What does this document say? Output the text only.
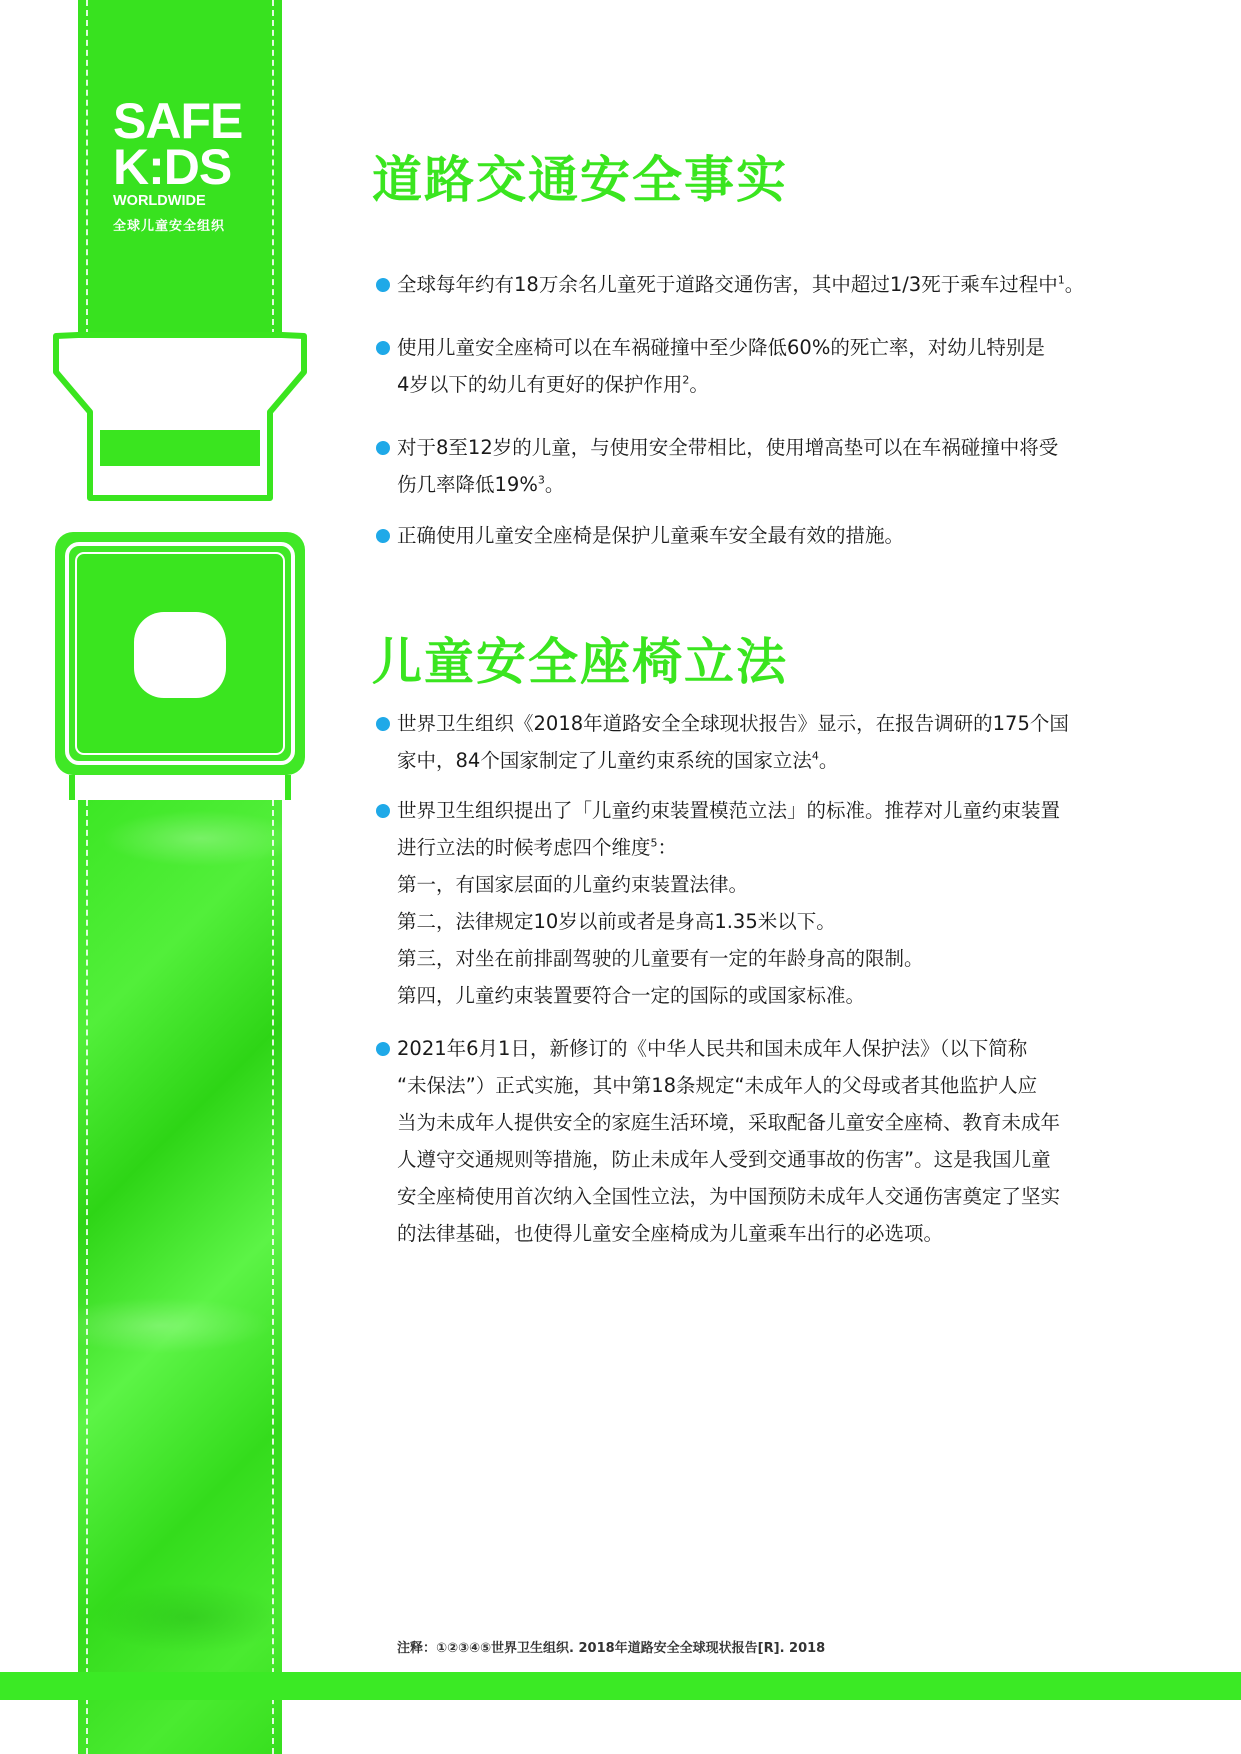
SAFE
K:DS
WORLDWIDE
全球儿童安全组织
道路交通安全事实
全球每年约有18万余名儿童死于道路交通伤害，其中超过1/3死于乘车过程中$^1$。
使用儿童安全座椅可以在车祸碰撞中至少降低60%的死亡率，对幼儿特别是
4岁以下的幼儿有更好的保护作用$^2$。
对于8至12岁的儿童，与使用安全带相比，使用增高垫可以在车祸碰撞中将受
伤几率降低19%$^3$。
正确使用儿童安全座椅是保护儿童乘车安全最有效的措施。
儿童安全座椅立法
世界卫生组织《2018年道路安全全球现状报告》显示，在报告调研的175个国
家中，84个国家制定了儿童约束系统的国家立法$^4$。
世界卫生组织提出了「儿童约束装置模范立法」的标准。推荐对儿童约束装置
进行立法的时候考虑四个维度$^5$：
第一，有国家层面的儿童约束装置法律。
第二，法律规定10岁以前或者是身高1.35米以下。
第三，对坐在前排副驾驶的儿童要有一定的年龄身高的限制。
第四，儿童约束装置要符合一定的国际的或国家标准。
2021年6月1日，新修订的《中华人民共和国未成年人保护法》（以下简称
“未保法”）正式实施，其中第18条规定“未成年人的父母或者其他监护人应
当为未成年人提供安全的家庭生活环境，采取配备儿童安全座椅、教育未成年
人遵守交通规则等措施，防止未成年人受到交通事故的伤害”。这是我国儿童
安全座椅使用首次纳入全国性立法，为中国预防未成年人交通伤害奠定了坚实
的法律基础，也使得儿童安全座椅成为儿童乘车出行的必选项。
注释：①②③④⑤世界卫生组织. 2018年道路安全全球现状报告[R]. 2018
